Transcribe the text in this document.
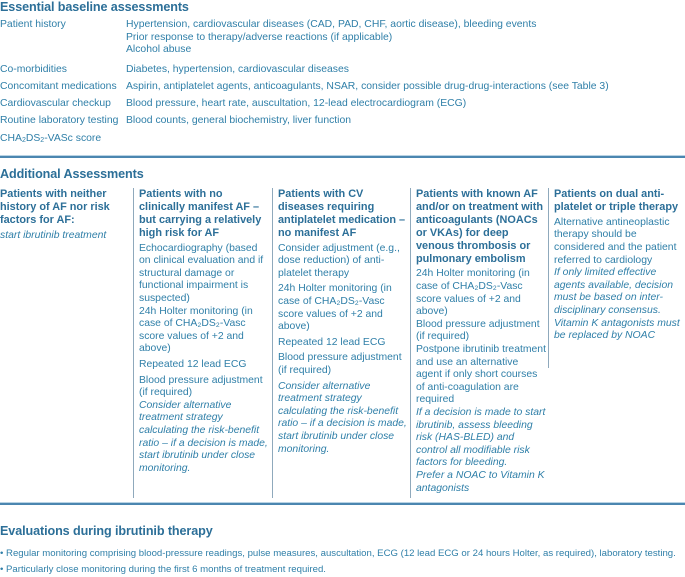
Essential baseline assessments
Patient history	Hypertension, cardiovascular diseases (CAD, PAD, CHF, aortic disease), bleeding events
Prior response to therapy/adverse reactions (if applicable)
Alcohol abuse
Co-morbidities	Diabetes, hypertension, cardiovascular diseases
Concomitant medications Aspirin, antiplatelet agents, anticoagulants, NSAR, consider possible drug-drug-interactions (see Table 3)
Cardiovascular checkup	Blood pressure, heart rate, auscultation, 12-lead electrocardiogram (ECG)
Routine laboratory testing Blood counts, general biochemistry, liver function
$CHA_2DS_2$-VASc score
Additional Assessments
Patients with neither history of AF nor risk factors for AF:
start ibrutinib treatment
Patients with no clinically manifest AF – but carrying a relatively high risk for AF
Echocardiography (based on clinical evaluation and if structural damage or functional impairment is suspected)
24h Holter monitoring (in case of CHA₂DS₂-Vasc score values of +2 and above)
Repeated 12 lead ECG
Blood pressure adjustment (if required)
Consider alternative treatment strategy calculating the risk-benefit ratio – if a decision is made, start ibrutinib under close monitoring.
Patients with CV diseases requiring antiplatelet medication – no manifest AF
Consider adjustment (e.g., dose reduction) of anti-platelet therapy
24h Holter monitoring (in case of CHA₂DS₂-Vasc score values of +2 and above)
Repeated 12 lead ECG
Blood pressure adjustment (if required)
Consider alternative treatment strategy calculating the risk-benefit ratio – if a decision is made, start ibrutinib under close monitoring.
Patients with known AF and/or on treatment with anticoagulants (NOACs or VKAs) for deep venous thrombosis or pulmonary embolism
24h Holter monitoring (in case of CHA₂DS₂-Vasc score values of +2 and above)
Blood pressure adjustment (if required)
Postpone ibrutinib treatment and use an alternative agent if only short courses of anti-coagulation are required
If a decision is made to start ibrutinib, assess bleeding risk (HAS-BLED) and control all modifiable risk factors for bleeding.
Prefer a NOAC to Vitamin K antagonists
Patients on dual anti-platelet or triple therapy
Alternative antineoplastic therapy should be considered and the patient referred to cardiology
If only limited effective agents available, decision must be based on inter-disciplinary consensus.
Vitamin K antagonists must be replaced by NOAC
Evaluations during ibrutinib therapy
• Regular monitoring comprising blood-pressure readings, pulse measures, auscultation, ECG (12 lead ECG or 24 hours Holter, as required), laboratory testing.
• Particularly close monitoring during the first 6 months of treatment required.
